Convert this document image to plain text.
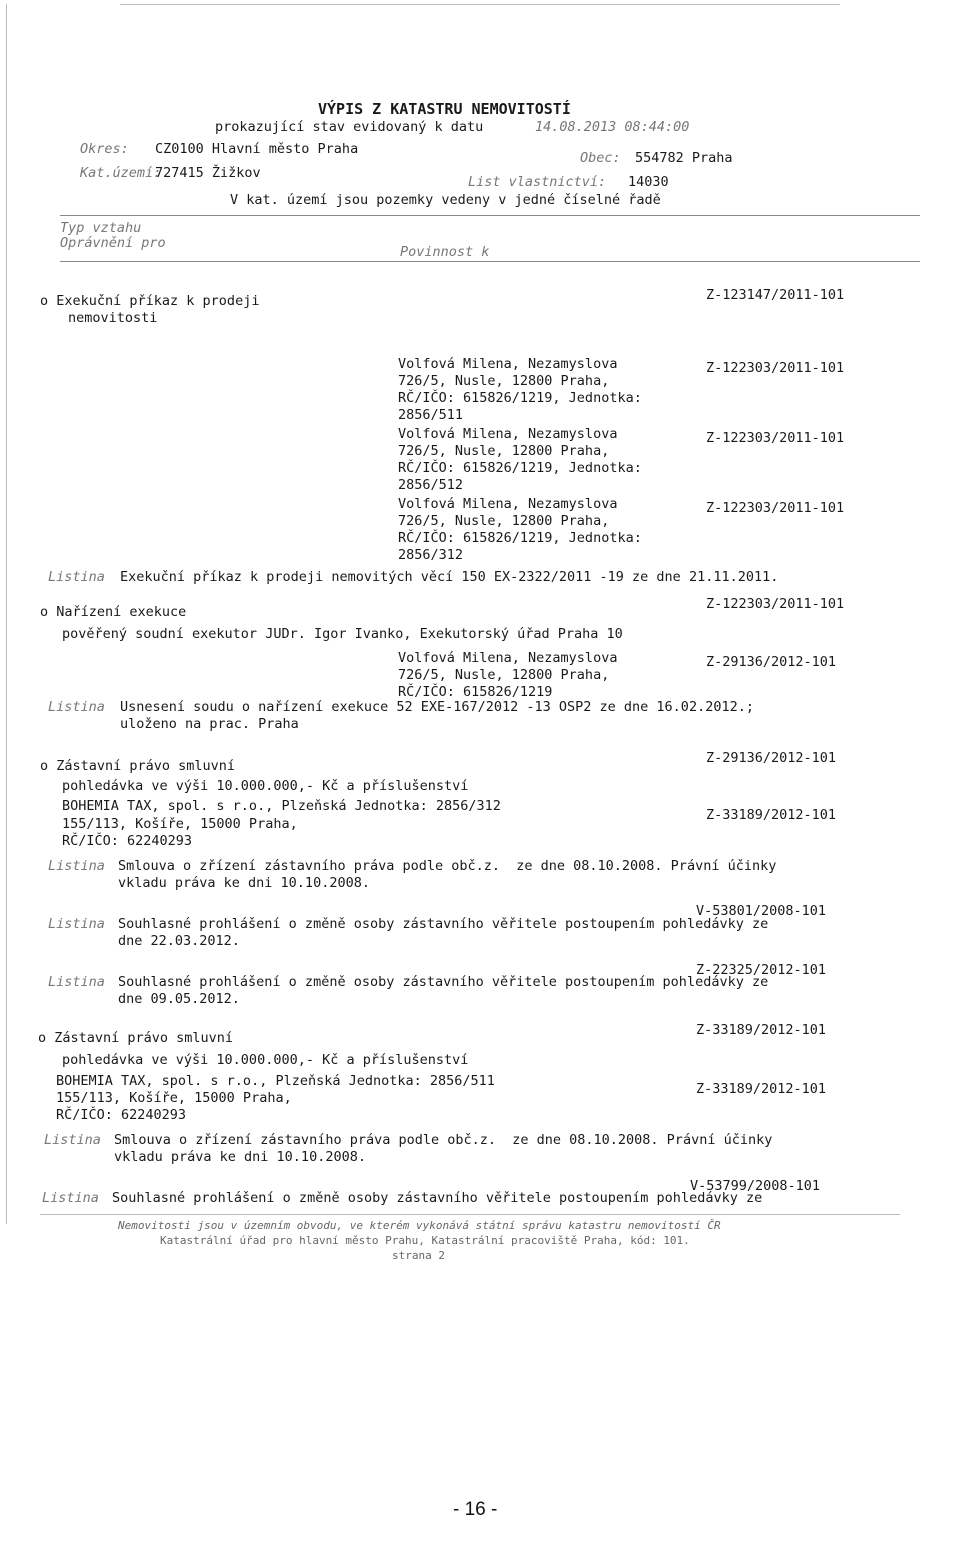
VÝPIS Z KATASTRU NEMOVITOSTÍ
prokazující stav evidovaný k datu	14.08.2013 08:44:00
Okres: CZ0100 Hlavní město Praha
Obec: 554782 Praha
Kat.území:
727415 Žižkov
List vlastnictví: 14030
V kat. území jsou pozemky vedeny v jedné číselné řadě
Typ vztahu
Oprávnění pro
Povinnost k
o Exekuční příkaz k prodeji
nemovitosti
Z-123147/2011-101
Volfová Milena, Nezamyslova
726/5, Nusle, 12800 Praha,
RČ/IČO: 615826/1219, Jednotka:
2856/511
Z-122303/2011-101
Volfová Milena, Nezamyslova
726/5, Nusle, 12800 Praha,
RČ/IČO: 615826/1219, Jednotka:
2856/512
Z-122303/2011-101
Volfová Milena, Nezamyslova
726/5, Nusle, 12800 Praha,
RČ/IČO: 615826/1219, Jednotka:
2856/312
Z-122303/2011-101
Listina Exekuční příkaz k prodeji nemovitých věcí 150 EX-2322/2011 -19 ze dne 21.11.2011.
Z-122303/2011-101
o Nařízení exekuce
pověřený soudní exekutor JUDr. Igor Ivanko, Exekutorský úřad Praha 10
Volfová Milena, Nezamyslova
726/5, Nusle, 12800 Praha,
RČ/IČO: 615826/1219
Z-29136/2012-101
Listina Usnesení soudu o nařízení exekuce 52 EXE-167/2012 -13 OSP2 ze dne 16.02.2012.;
uloženo na prac. Praha
Z-29136/2012-101
o Zástavní právo smluvní
pohledávka ve výši 10.000.000,- Kč a příslušenství
BOHEMIA TAX, spol. s r.o., Plzeňská Jednotka: 2856/312
155/113, Košíře, 15000 Praha,
RČ/IČO: 62240293
Z-33189/2012-101
Listina Smlouva o zřízení zástavního práva podle obč.z.  ze dne 08.10.2008. Právní účinky
vkladu práva ke dni 10.10.2008.
V-53801/2008-101
Listina Souhlasné prohlášení o změně osoby zástavního věřitele postoupením pohledávky ze
dne 22.03.2012.
Z-22325/2012-101
Listina Souhlasné prohlášení o změně osoby zástavního věřitele postoupením pohledávky ze
dne 09.05.2012.
Z-33189/2012-101
o Zástavní právo smluvní
pohledávka ve výši 10.000.000,- Kč a příslušenství
BOHEMIA TAX, spol. s r.o., Plzeňská Jednotka: 2856/511
155/113, Košíře, 15000 Praha,
RČ/IČO: 62240293
Z-33189/2012-101
Listina Smlouva o zřízení zástavního práva podle obč.z.  ze dne 08.10.2008. Právní účinky
vkladu práva ke dni 10.10.2008.
V-53799/2008-101
Listina Souhlasné prohlášení o změně osoby zástavního věřitele postoupením pohledávky ze
Nemovitosti jsou v územním obvodu, ve kterém vykonává státní správu katastru nemovitostí ČR
Katastrální úřad pro hlavní město Prahu, Katastrální pracoviště Praha, kód: 101.
strana 2
- 16 -
